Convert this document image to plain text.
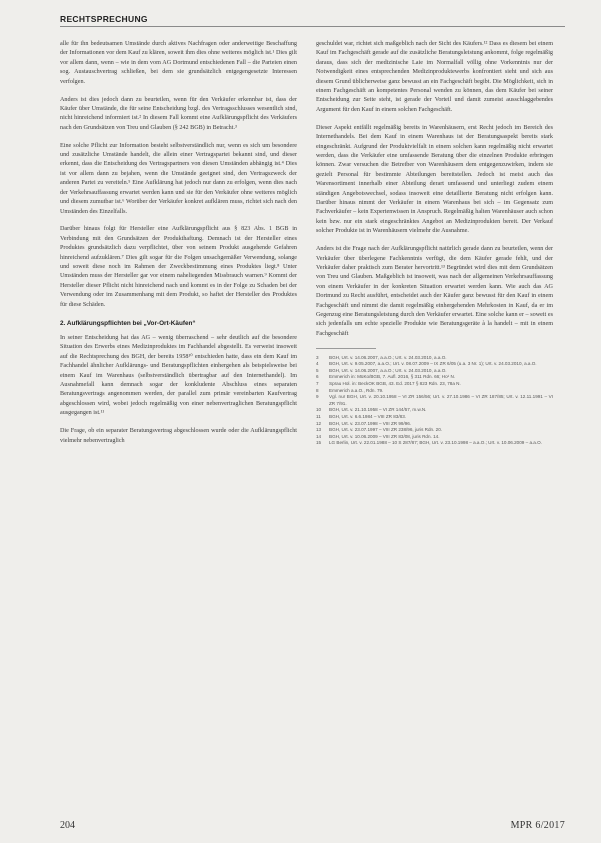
RECHTSPRECHUNG

alle für ihn bedeutsamen Umstände durch aktives Nachfragen oder anderweitige Beschaffung der Informationen vor dem Kauf zu klären, soweit ihm dies ohne weiteres möglich ist.¹ Dies gilt vor allem dann, wenn – wie in dem vom AG Dortmund entschiedenen Fall – die Parteien einen sog. Austauschvertrag schließen, bei dem sie grundsätzlich entgegengesetzte Interessen verfolgen.

Anders ist dies jedoch dann zu beurteilen, wenn für den Verkäufer erkennbar ist, dass der Käufer über Umstände, die für seine Entscheidung bzgl. des Vertragsschlusses wesentlich sind, nicht hinreichend informiert ist.² In diesem Fall kommt eine Aufklärungspflicht des Verkäufers nach den Grundsätzen von Treu und Glauben (§ 242 BGB) in Betracht.³

Eine solche Pflicht zur Information besteht selbstverständlich nur, wenn es sich um besondere und zusätzliche Umstände handelt, die allein einer Vertragspartei bekannt sind, und dieser erkennt, dass die Entscheidung des Vertragspartners von diesen Umständen abhängig ist.⁴ Dies ist vor allem dann zu bejahen, wenn die Umstände geeignet sind, den Vertragszweck der anderen Partei zu vereiteln.⁵ Eine Aufklärung hat jedoch nur dann zu erfolgen, wenn dies nach der Verkehrsauffassung erwartet werden kann und sie für den Verkäufer ohne weiteres möglich und diesem zumutbar ist.⁶ Worüber der Verkäufer konkret aufklären muss, richtet sich nach den Umständen des Einzelfalls.

Darüber hinaus folgt für Hersteller eine Aufklärungspflicht aus § 823 Abs. 1 BGB in Verbindung mit den Grundsätzen der Produkthaftung. Demnach ist der Hersteller eines Produktes grundsätzlich dazu verpflichtet, über von seinem Produkt ausgehende Gefahren hinreichend aufzuklären.⁷ Dies gilt sogar für die Folgen unsachgemäßer Verwendung, solange und soweit diese noch im Rahmen der Zweckbestimmung eines Produktes liegt.⁸ Unter Umständen muss der Hersteller gar vor einem naheliegenden Missbrauch warnen.⁹ Kommt der Hersteller dieser Pflicht nicht hinreichend nach und kommt es in der Folge zu Schaden bei der Verwendung oder im Zusammenhang mit dem Produkt, so haftet der Hersteller des Produktes für diese Schäden.

2. Aufklärungspflichten bei „Vor-Ort-Käufen“

In seiner Entscheidung hat das AG – wenig überraschend – sehr deutlich auf die besondere Situation des Erwerbs eines Medizinproduktes im Fachhandel abgestellt. Es verweist insoweit auf die Rechtsprechung des BGH, der bereits 1958¹⁰ entschieden hatte, dass ein dem Kauf im Fachhandel ähnlicher Aufklärungs- und Beratungspflichten einhergehen als beispielsweise bei einem Kauf im Warenhaus (selbstverständlich übertragbar auf den Internethandel). Im Ausnahmefall kann demnach sogar der konkludente Abschluss eines separaten Beratungsvertrags angenommen werden, der parallel zum primär vereinbarten Kaufvertrag abgeschlossen wird, wobei jedoch regelmäßig von einer nebenvertraglichen Beratungspflicht ausgegangen ist.¹¹

Die Frage, ob ein separater Beratungsvertrag abgeschlossen wurde oder die Aufklärungspflicht vielmehr nebenvertraglich

geschuldet war, richtet sich maßgeblich nach der Sicht des Käufers.¹² Dass es diesem bei einem Kauf im Fachgeschäft gerade auf die zusätzliche Beratungsleistung ankommt, folge regelmäßig daraus, dass sich der medizinische Laie im Normalfall völlig ohne Vorkenntnis nur der Notwendigkeit eines entsprechenden Medizinproduktewerbs konfrontiert sieht und sich aus diesem Grund üblicherweise ganz bewusst an ein Fachgeschäft begibt. Die Möglichkeit, sich in einem Fachgeschäft an kompetentes Personal wenden zu können, das dem Käufer bei seiner Entscheidung zur Seite steht, ist gerade der Vorteil und damit zumeist ausschlaggebendes Argument für den Kauf in einem solchen Fachgeschäft.

Dieser Aspekt entfällt regelmäßig bereits in Warenhäusern, erst Recht jedoch im Bereich des Internethandels. Bei dem Kauf in einem Warenhaus ist der Beratungsaspekt bereits stark eingeschränkt. Aufgrund der Produktvielfalt in einem solchen kann regelmäßig nicht erwartet werden, dass die Verkäufer eine umfassende Beratung über die einzelnen Produkte erbringen können. Zwar versuchen die Betreiber von Warenhäusern dem entgegenzuwirken, indem sie gezielt Personal für bestimmte Abteilungen bereitstellen. Jedoch ist meist auch das Warensortiment innerhalb einer Abteilung derart umfassend und unterliegt zudem einem ständigen Angebotswechsel, sodass insoweit eine detaillierte Beratung nicht erfolgen kann. Darüber hinaus nimmt der Verkäufer in einem Warenhaus bei sich – im Gegensatz zum Fachverkäufer – kein Expertenwissen in Anspruch. Regelmäßig halten Warenhäuser auch schon kein bzw. nur ein stark eingeschränktes Angebot an Medizinprodukten bereit. Der Verkauf solcher Produkte ist in Warenhäusern vielmehr die Ausnahme.

Anders ist die Frage nach der Aufklärungspflicht natürlich gerade dann zu beurteilen, wenn der Verkäufer über überlegene Fachkenntnis verfügt, die dem Käufer gerade fehlt, und der Verkäufer daher praktisch zum Berater hervortritt.¹³ Begründet wird dies mit dem Grundsätzen von Treu und Glauben. Maßgeblich ist insoweit, was nach der allgemeinen Verkehrsauffassung von einem Verkäufer in der konkreten Situation erwartet werden kann. Wie auch das AG Dortmund zu Recht ausführt, entscheidet auch der Käufer ganz bewusst für den Kauf in einem Fachgeschäft und nimmt die damit regelmäßig einhergehenden Mehrkosten in Kauf, da er im Gegenzug eine Beratungsleistung durch den Verkäufer erwartet. Eine solche kann er – soweit es sich jedenfalls um echte spezielle Produkte wie Beratungsgeräte à la handelt – mit in einem Fachgeschäft

3	BGH, Urt. v. 14.06.2007, a.a.O.; Urt. v. 24.03.2010, a.a.O.
4	BGH, Urt. v. 9.05.2007, a.a.O.; Urt. v. 08.07.2009 – IX ZR 6/05 (u.a. 3 Nr. 1); Urt. v. 24.03.2010, a.a.O.
5	BGH, Urt. v. 14.06.2007, a.a.O.; Urt. v. 24.03.2010, a.a.O.
6	Emmerich in: MüKo/BGB, 7. Aufl. 2016, § 311 Rdn. 66; Ho¹ N.
7	Sprau Hol. in: BeckOK BGB, 43. Ed. 2017 § 823 Rdn. 23, 78a N.
8	Emmerich a.a.O., Rdn. 79.
9	Vgl. nur BGH, Urt. v. 20.10.1958 – VI ZR 156/56; Urt. v. 27.10.1986 – VI ZR 187/85; Urt. v. 12.11.1991 – VI ZR 7/91.
10	BGH, Urt. v. 21.10.1958 – VI ZR 144/57, m.w.N.
11	BGH, Urt. v. 6.6.1984 – VIII ZR 83/83.
12	BGH, Urt. v. 23.07.1998 – VIII ZR 99/96.
13	BGH, Urt. v. 23.07.1997 – VIII ZR 238/96, juris Rdn. 20.
14	BGH, Urt. v. 10.06.2009 – VIII ZR 83/08, juris Rdn. 14.
15	LG Berlin, Urt. v. 22.01.1988 – 10 S 287/87; BGH, Urt. v. 23.10.1998 – a.a.O.; Urt. v. 10.06.2009 – a.a.O.
204	MPR 6/2017
